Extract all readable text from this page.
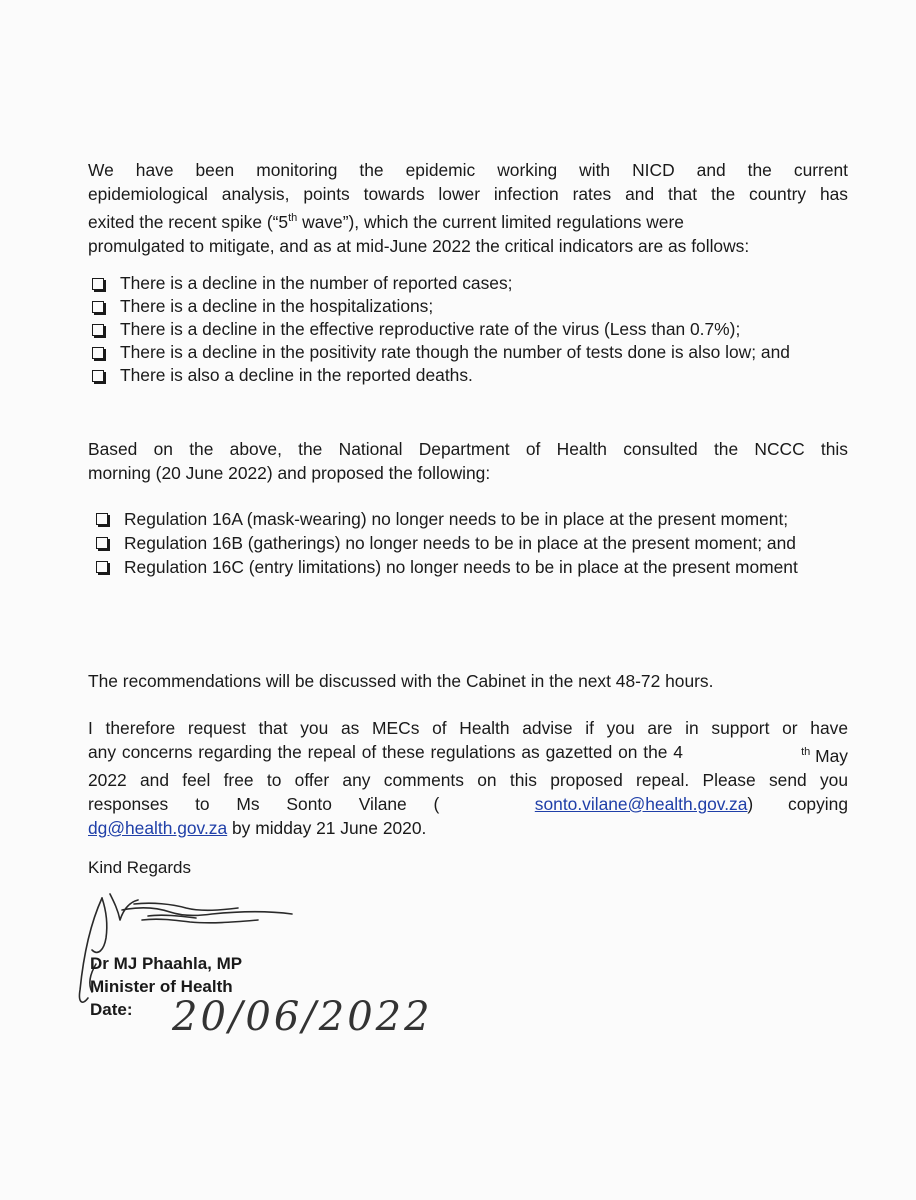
We have been monitoring the epidemic working with NICD and the current
epidemiological analysis, points towards lower infection rates and that the country has
exited the recent spike (“5th wave”), which the current limited regulations were
promulgated to mitigate, and as at mid-June 2022 the critical indicators are as follows:
There is a decline in the number of reported cases;
There is a decline in the hospitalizations;
There is a decline in the effective reproductive rate of the virus (Less than 0.7%);
There is a decline in the positivity rate though the number of tests done is also low; and
There is also a decline in the reported deaths.
Based on the above, the National Department of Health consulted the NCCC this
morning (20 June 2022) and proposed the following:
Regulation 16A (mask-wearing) no longer needs to be in place at the present moment;
Regulation 16B (gatherings) no longer needs to be in place at the present moment; and
Regulation 16C (entry limitations) no longer needs to be in place at the present moment

The recommendations will be discussed with the Cabinet in the next 48-72 hours.

I therefore request that you as MECs of Health advise if you are in support or have
any concerns regarding the repeal of these regulations as gazetted on the 4	$^{th}$ May
2022 and feel free to offer any comments on this proposed repeal. Please send you
responses to Ms Sonto Vilane (	sonto.vilane@health.gov.za) copying
dg@health.gov.za by midday 21 June 2020.
Kind Regards
Dr MJ Phaahla, MP
Minister of Health
Date: 20/06/2022
